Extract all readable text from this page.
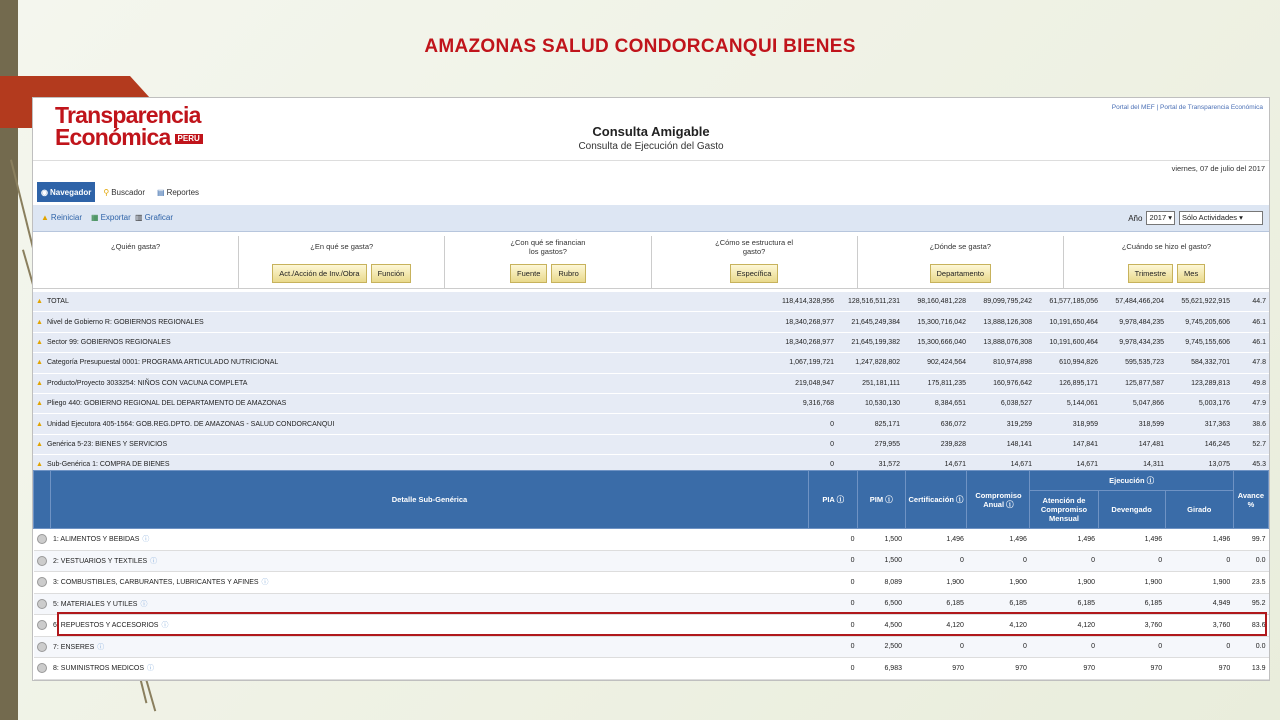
AMAZONAS SALUD CONDORCANQUI BIENES
Transparencia
Económica PERU
Portal del MEF | Portal de Transparencia Económica
Consulta Amigable
Consulta de Ejecución del Gasto
viernes, 07 de julio del 2017
◉ Navegador ⚲ Buscador ▤ Reportes
▲ Reiniciar ▦ Exportar ▥ Graficar	Año 2017 ▾	Sólo Actividades ▾
¿Quién gasta?	¿En qué se gasta?
Act./Acción de Inv./Obra	Función
¿Con qué se financian los gastos?
Fuente	Rubro
¿Cómo se estructura el gasto?
Específica
¿Dónde se gasta?
Departamento
¿Cuándo se hizo el gasto?
Trimestre	Mes
▲ TOTAL	118,414,328,956	128,516,511,231	98,160,481,228	89,099,795,242	61,577,185,056	57,484,466,204	55,621,922,915	44.7
▲ Nivel de Gobierno R: GOBIERNOS REGIONALES	18,340,268,977	21,645,249,384	15,300,716,042	13,888,126,308	10,191,650,464	9,978,484,235	9,745,205,606	46.1
▲ Sector 99: GOBIERNOS REGIONALES	18,340,268,977	21,645,199,382	15,300,666,040	13,888,076,308	10,191,600,464	9,978,434,235	9,745,155,606	46.1
▲ Categoría Presupuestal 0001: PROGRAMA ARTICULADO NUTRICIONAL	1,067,199,721	1,247,828,802	902,424,564	810,974,898	610,994,826	595,535,723	584,332,701	47.8
▲ Producto/Proyecto 3033254: NIÑOS CON VACUNA COMPLETA	219,048,947	251,181,111	175,811,235	160,976,642	126,895,171	125,877,587	123,289,813	49.8
▲ Pliego 440: GOBIERNO REGIONAL DEL DEPARTAMENTO DE AMAZONAS	9,316,768	10,530,130	8,384,651	6,038,527	5,144,061	5,047,866	5,003,176	47.9
▲ Unidad Ejecutora 405-1564: GOB.REG.DPTO. DE AMAZONAS - SALUD CONDORCANQUI	0	825,171	636,072	319,259	318,959	318,599	317,363	38.6
▲ Genérica 5-23: BIENES Y SERVICIOS	0	279,955	239,828	148,141	147,841	147,481	146,245	52.7
▲ Sub-Genérica 1: COMPRA DE BIENES	0	31,572	14,671	14,671	14,671	14,311	13,075	45.3
	Detalle Sub-Genérica	PIA ⓘ	PIM ⓘ	Certificación ⓘ	Compromiso Anual ⓘ	Ejecución ⓘ			Avance %
						Atención de Compromiso Mensual	Devengado	Girado	
	1: ALIMENTOS Y BEBIDAS ⓘ	0	1,500	1,496	1,496	1,496	1,496	1,496	99.7
	2: VESTUARIOS Y TEXTILES ⓘ	0	1,500	0	0	0	0	0	0.0
	3: COMBUSTIBLES, CARBURANTES, LUBRICANTES Y AFINES ⓘ	0	8,089	1,900	1,900	1,900	1,900	1,900	23.5
	5: MATERIALES Y UTILES ⓘ	0	6,500	6,185	6,185	6,185	6,185	4,949	95.2
	6: REPUESTOS Y ACCESORIOS ⓘ	0	4,500	4,120	4,120	4,120	3,760	3,760	83.6
	7: ENSERES ⓘ	0	2,500	0	0	0	0	0	0.0
	8: SUMINISTROS MEDICOS ⓘ	0	6,983	970	970	970	970	970	13.9
